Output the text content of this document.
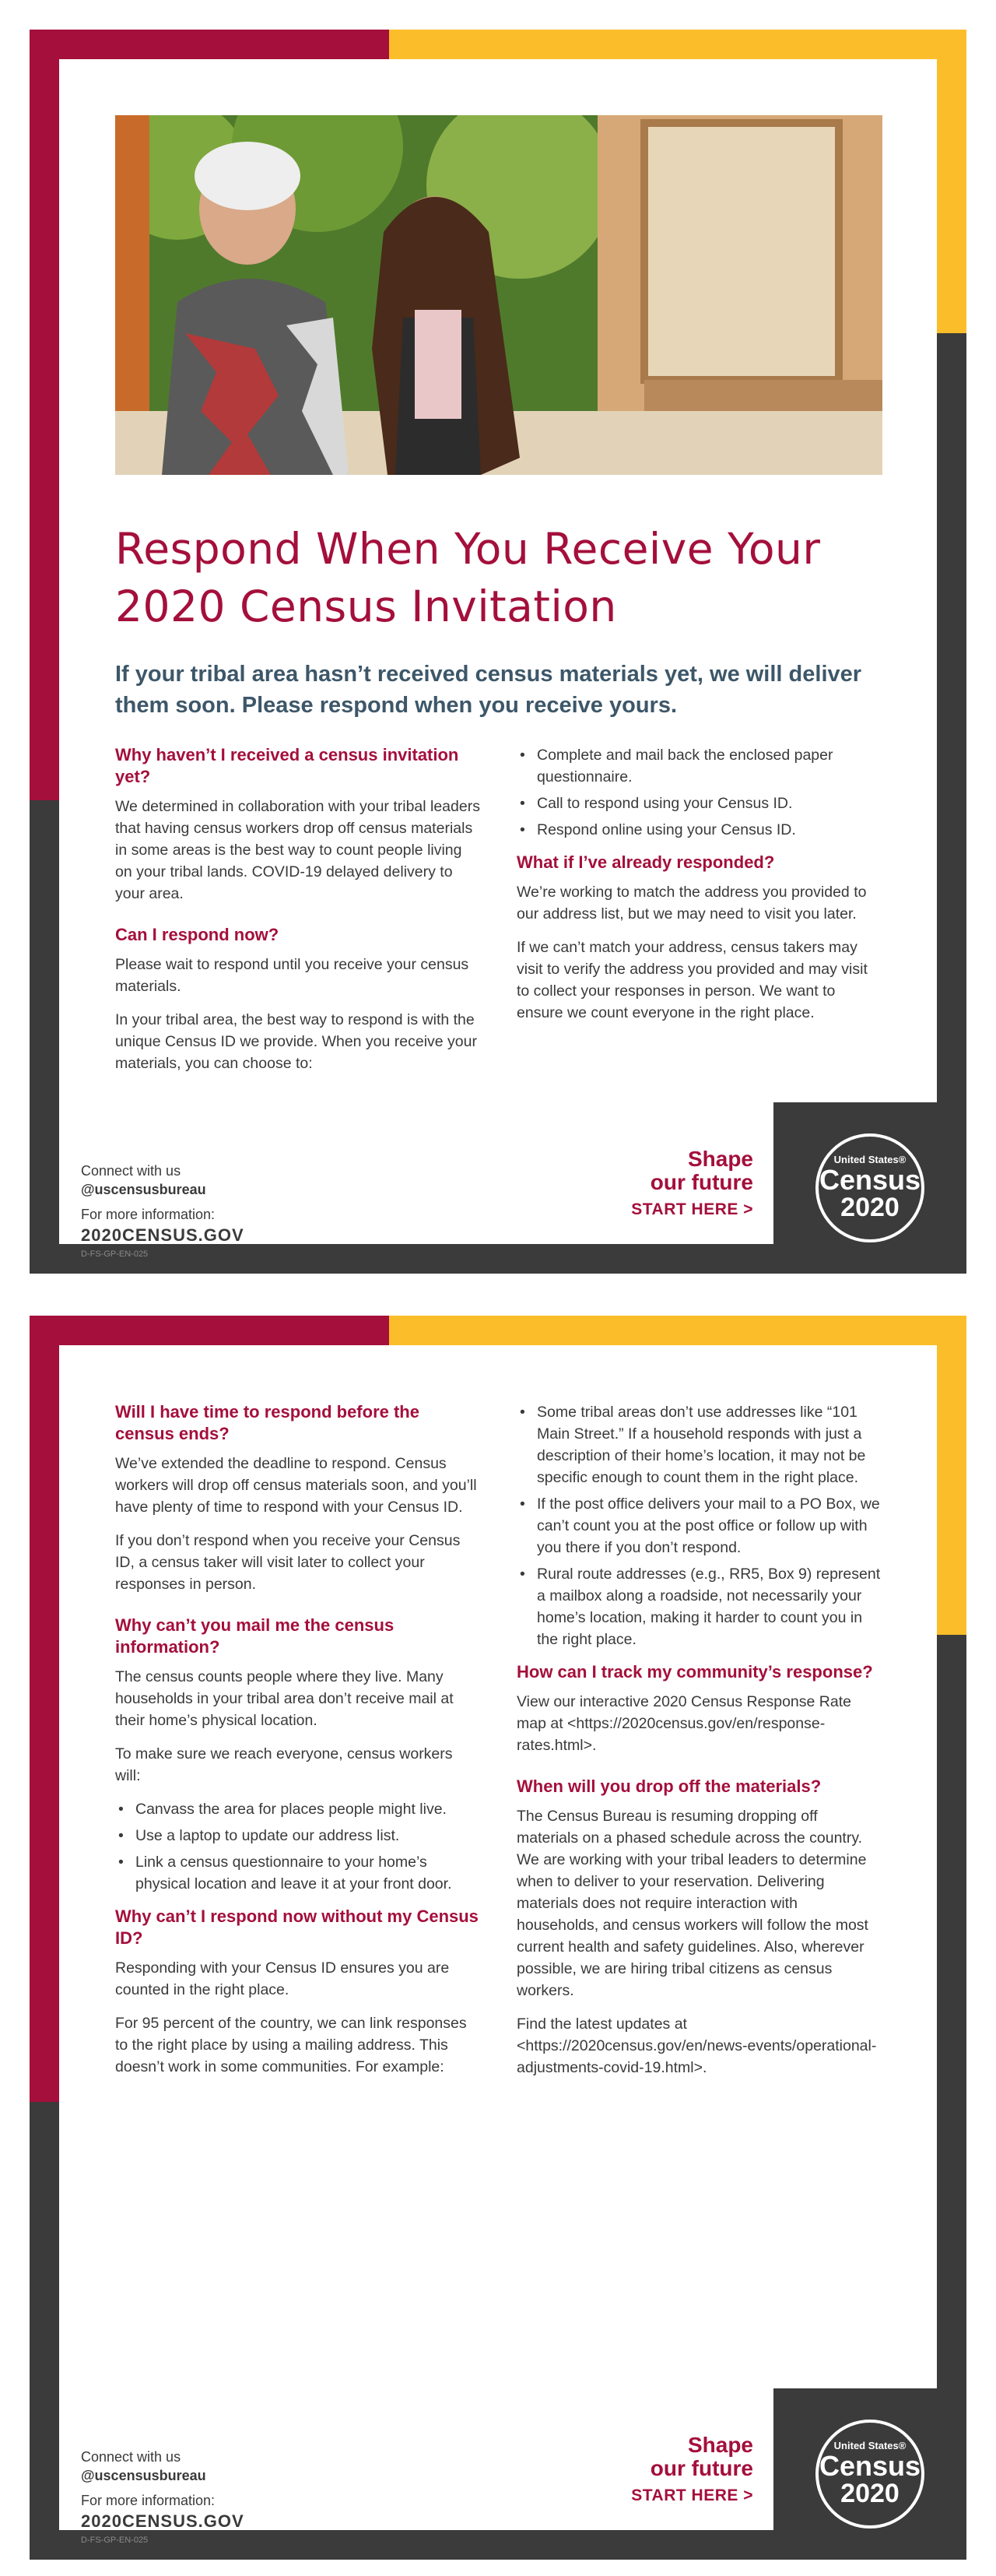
Respond When You Receive Your 2020 Census Invitation

If your tribal area hasn’t received census materials yet, we will deliver them soon. Please respond when you receive yours.

Why haven’t I received a census invitation yet?

We determined in collaboration with your tribal leaders that having census workers drop off census materials in some areas is the best way to count people living on your tribal lands. COVID-19 delayed delivery to your area.

Can I respond now?

Please wait to respond until you receive your census materials.

In your tribal area, the best way to respond is with the unique Census ID we provide. When you receive your materials, you can choose to:

• Complete and mail back the enclosed paper questionnaire.
• Call to respond using your Census ID.
• Respond online using your Census ID.
What if I’ve already responded?

We’re working to match the address you provided to our address list, but we may need to visit you later.

If we can’t match your address, census takers may visit to verify the address you provided and may visit to collect your responses in person. We want to ensure we count everyone in the right place.

Connect with us
@uscensusbureau
For more information:
2020CENSUS.GOV
D-FS-GP-EN-025
Shape
our future
START HERE >
United States®
Census
2020
Will I have time to respond before the census ends?

We’ve extended the deadline to respond. Census workers will drop off census materials soon, and you’ll have plenty of time to respond with your Census ID.

If you don’t respond when you receive your Census ID, a census taker will visit later to collect your responses in person.

Why can’t you mail me the census information?

The census counts people where they live. Many households in your tribal area don’t receive mail at their home’s physical location.

To make sure we reach everyone, census workers will:

• Canvass the area for places people might live.
• Use a laptop to update our address list.
• Link a census questionnaire to your home’s physical location and leave it at your front door.
Why can’t I respond now without my Census ID?

Responding with your Census ID ensures you are counted in the right place.

For 95 percent of the country, we can link responses to the right place by using a mailing address. This doesn’t work in some communities. For example:

• Some tribal areas don’t use addresses like “101 Main Street.” If a household responds with just a description of their home’s location, it may not be specific enough to count them in the right place.
• If the post office delivers your mail to a PO Box, we can’t count you at the post office or follow up with you there if you don’t respond.
• Rural route addresses (e.g., RR5, Box 9) represent a mailbox along a roadside, not necessarily your home’s location, making it harder to count you in the right place.
How can I track my community’s response?

View our interactive 2020 Census Response Rate map at <https://2020census.gov/en/response-rates.html>.

When will you drop off the materials?

The Census Bureau is resuming dropping off materials on a phased schedule across the country. We are working with your tribal leaders to determine when to deliver to your reservation. Delivering materials does not require interaction with households, and census workers will follow the most current health and safety guidelines. Also, wherever possible, we are hiring tribal citizens as census workers.

Find the latest updates at <https://2020census.gov/en/news-events/operational-adjustments-covid-19.html>.

Connect with us
@uscensusbureau
For more information:
2020CENSUS.GOV
D-FS-GP-EN-025
Shape
our future
START HERE >
United States®
Census
2020
